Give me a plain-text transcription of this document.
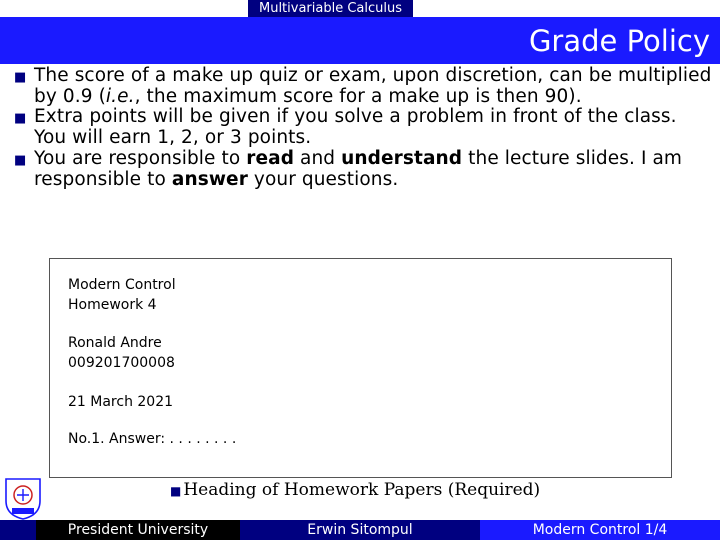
Multivariable Calculus
Grade Policy
■ The score of a make up quiz or exam, upon discretion, can be multiplied by 0.9 (i.e., the maximum score for a make up is then 90).
■ Extra points will be given if you solve a problem in front of the class. You will earn 1, 2, or 3 points.
■ You are responsible to read and understand the lecture slides. I am responsible to answer your questions.
Modern Control
Homework 4
Ronald Andre
009201700008
21 March 2021
No.1. Answer: . . . . . . . .
■ Heading of Homework Papers (Required)
President University	Erwin Sitompul	Modern Control 1/4
